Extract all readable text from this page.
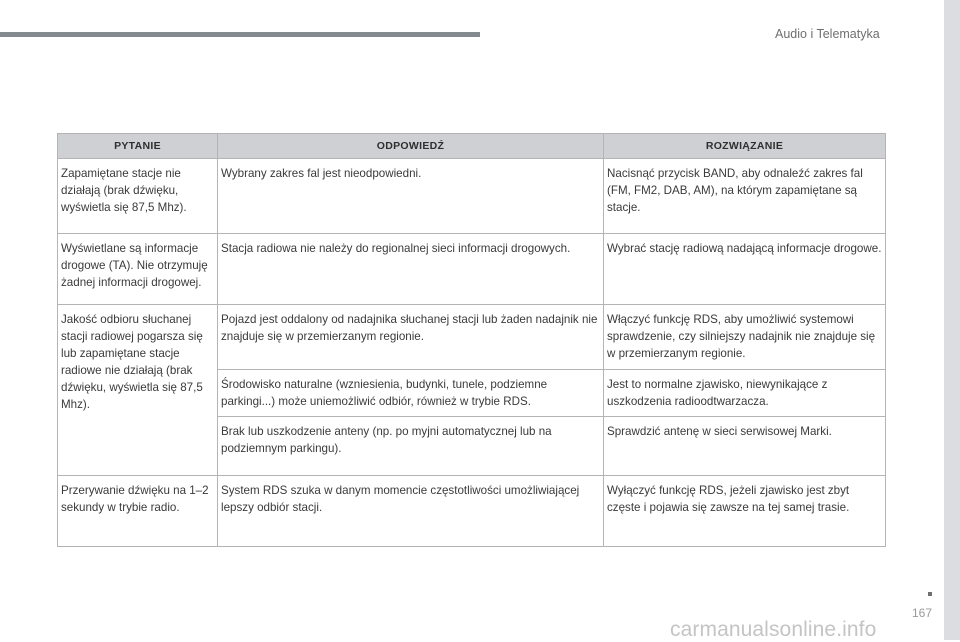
Audio i Telematyka
PYTANIE	ODPOWIEDŹ	ROZWIĄZANIE
Zapamiętane stacje nie działają (brak dźwięku, wyświetla się 87,5 Mhz).	Wybrany zakres fal jest nieodpowiedni.	Nacisnąć przycisk BAND, aby odnaleźć zakres fal (FM, FM2, DAB, AM), na którym zapamiętane są stacje.
Wyświetlane są informacje drogowe (TA). Nie otrzymuję żadnej informacji drogowej.	Stacja radiowa nie należy do regionalnej sieci informacji drogowych.	Wybrać stację radiową nadającą informacje drogowe.
Jakość odbioru słuchanej stacji radiowej pogarsza się lub zapamiętane stacje radiowe nie działają (brak dźwięku, wyświetla się 87,5 Mhz).	Pojazd jest oddalony od nadajnika słuchanej stacji lub żaden nadajnik nie znajduje się w przemierzanym regionie.	Włączyć funkcję RDS, aby umożliwić systemowi sprawdzenie, czy silniejszy nadajnik nie znajduje się w przemierzanym regionie.
	Środowisko naturalne (wzniesienia, budynki, tunele, podziemne parkingi...) może uniemożliwić odbiór, również w trybie RDS.	Jest to normalne zjawisko, niewynikające z uszkodzenia radioodtwarzacza.
	Brak lub uszkodzenie anteny (np. po myjni automatycznej lub na podziemnym parkingu).	Sprawdzić antenę w sieci serwisowej Marki.
Przerywanie dźwięku na 1–2 sekundy w trybie radio.	System RDS szuka w danym momencie częstotliwości umożliwiającej lepszy odbiór stacji.	Wyłączyć funkcję RDS, jeżeli zjawisko jest zbyt częste i pojawia się zawsze na tej samej trasie.
167
carmanualsonline.info
